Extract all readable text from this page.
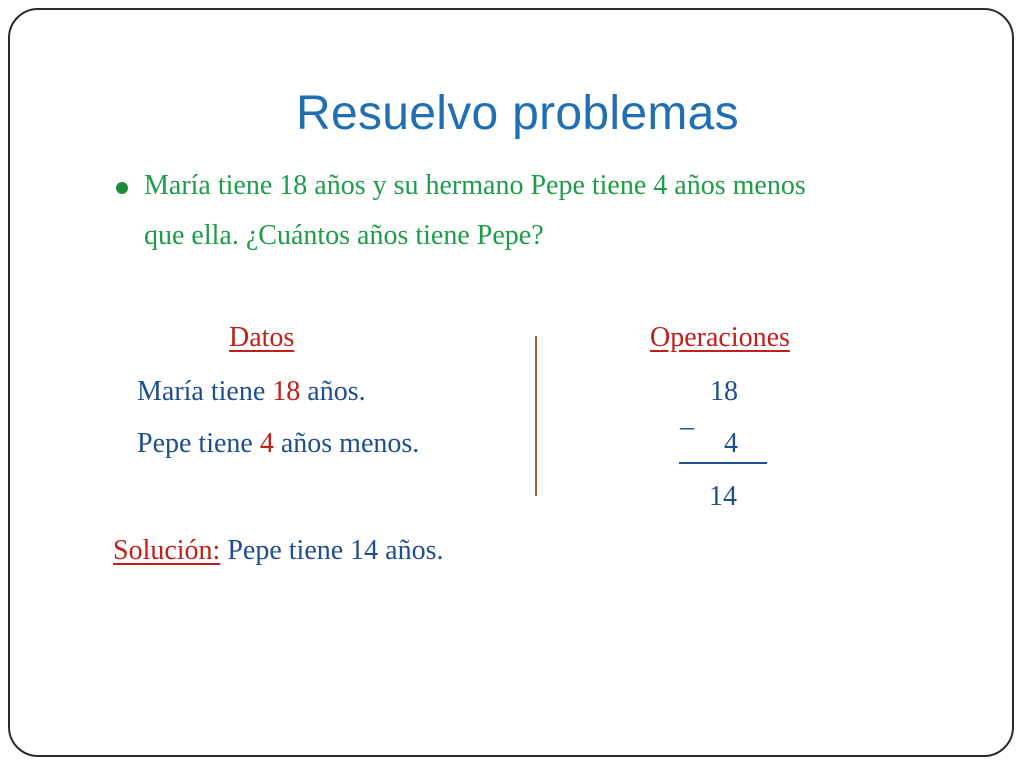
Resuelvo problemas
María tiene 18 años y su hermano Pepe tiene 4 años menos
que ella. ¿Cuántos años tiene Pepe?
Datos	Operaciones
María tiene 18 años.
Pepe tiene 4 años menos.
18
_
4
14
Solución: Pepe tiene 14 años.
